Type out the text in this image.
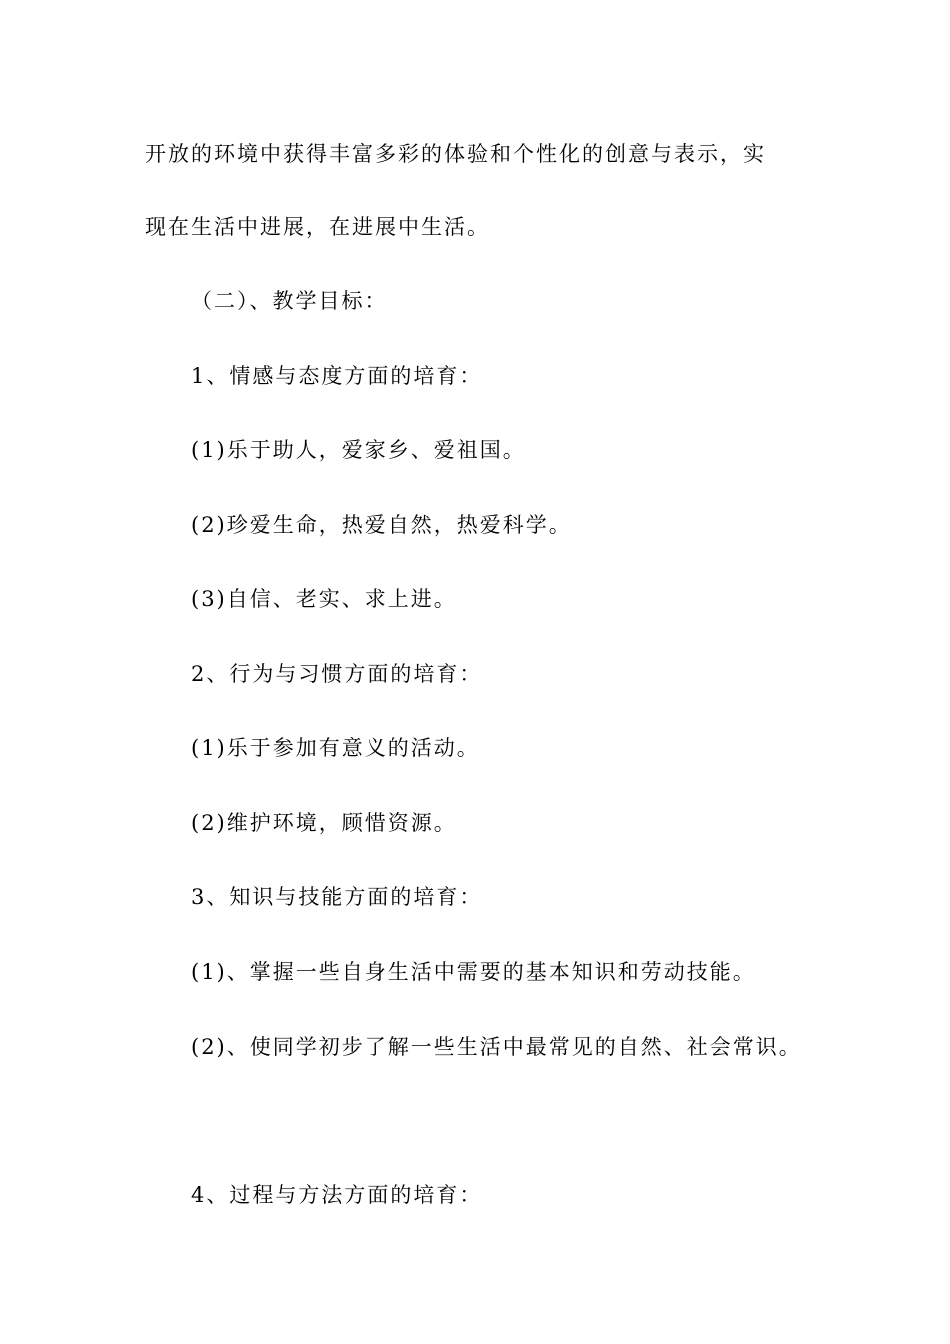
开放的环境中获得丰富多彩的体验和个性化的创意与表示，实
现在生活中进展，在进展中生活。
（二）、教学目标：
1、情感与态度方面的培育：
(1)乐于助人，爱家乡、爱祖国。
(2)珍爱生命，热爱自然，热爱科学。
(3)自信、老实、求上进。
2、行为与习惯方面的培育：
(1)乐于参加有意义的活动。
(2)维护环境，顾惜资源。
3、知识与技能方面的培育：
(1)、掌握一些自身生活中需要的基本知识和劳动技能。
(2)、使同学初步了解一些生活中最常见的自然、社会常识。
4、过程与方法方面的培育：
